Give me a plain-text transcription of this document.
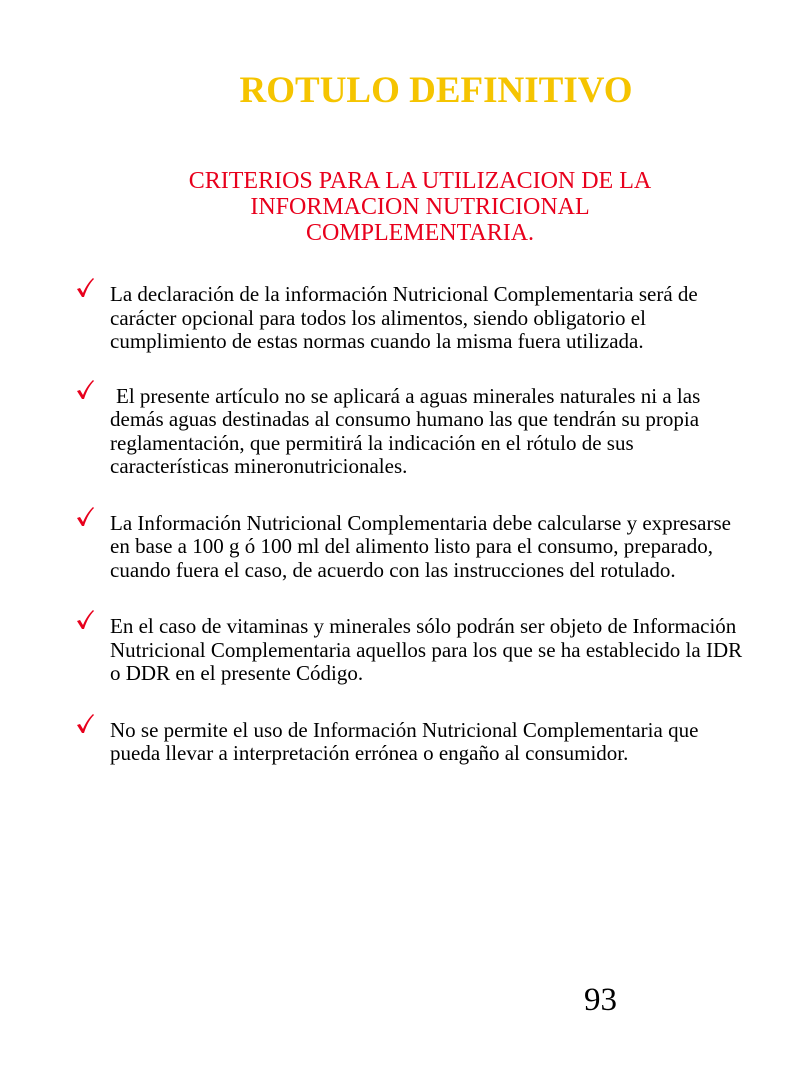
ROTULO DEFINITIVO
CRITERIOS PARA LA UTILIZACION DE LA
INFORMACION NUTRICIONAL
COMPLEMENTARIA.
La declaración de la información Nutricional Complementaria será de carácter opcional para todos los alimentos, siendo obligatorio el cumplimiento de estas normas cuando la misma fuera utilizada.
El presente artículo no se aplicará a aguas minerales naturales ni a las demás aguas destinadas al consumo humano las que tendrán su propia reglamentación, que permitirá la indicación en el rótulo de sus características mineronutricionales.
La Información Nutricional Complementaria debe calcularse y expresarse en base a 100 g ó 100 ml del alimento listo para el consumo, preparado, cuando fuera el caso, de acuerdo con las instrucciones del rotulado.
En el caso de vitaminas y minerales sólo podrán ser objeto de Información Nutricional Complementaria aquellos para los que se ha establecido la IDR o DDR en el presente Código.
No se permite el uso de Información Nutricional Complementaria que pueda llevar a interpretación errónea o engaño al consumidor.
93
